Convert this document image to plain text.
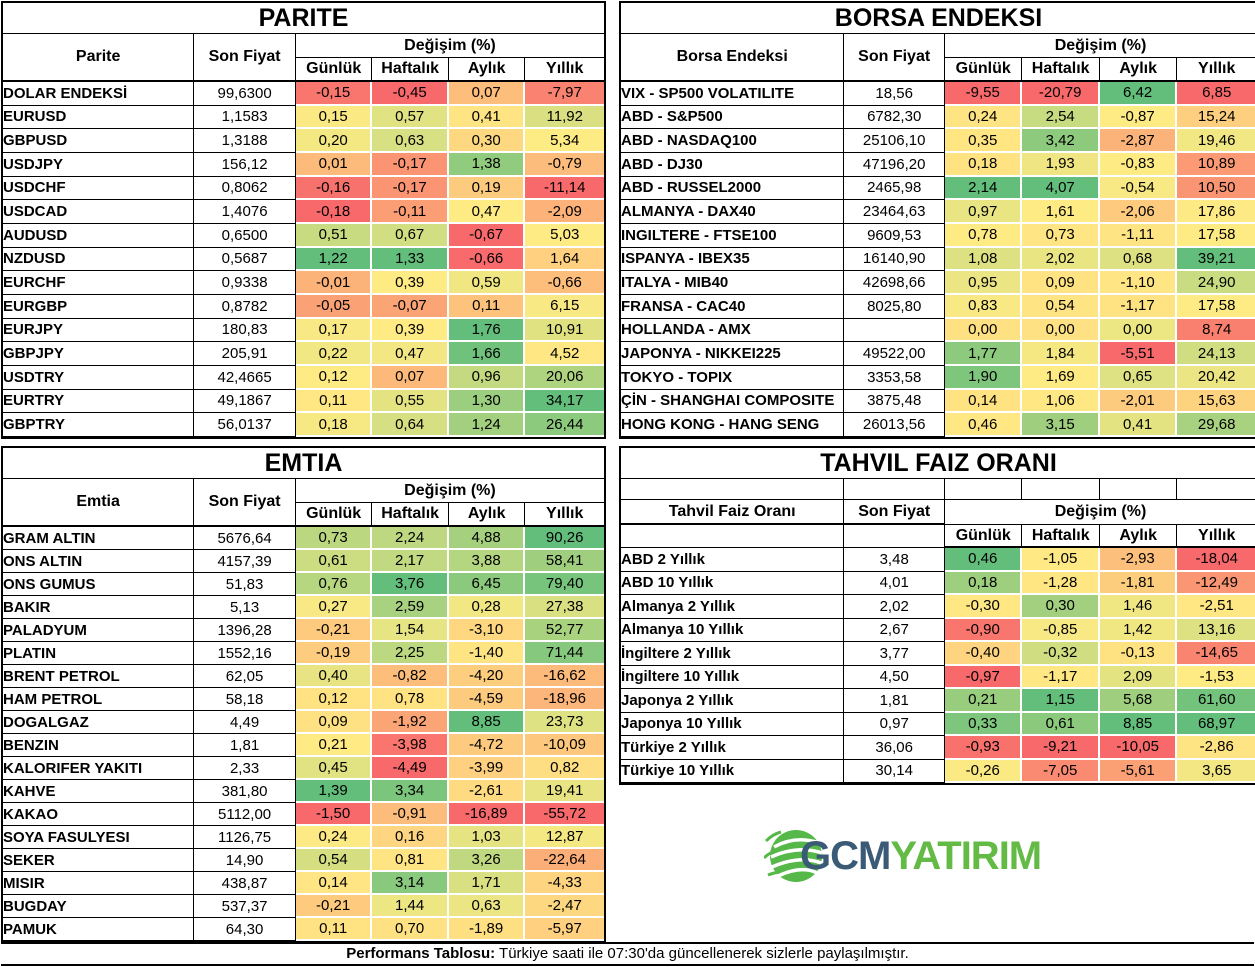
PARITE					
Parite	Son Fiyat	Değişim (%)			
		Günlük	Haftalık	Aylık	Yıllık
DOLAR ENDEKSİ	99,6300	-0,15	-0,45	0,07	-7,97
EURUSD	1,1583	0,15	0,57	0,41	11,92
GBPUSD	1,3188	0,20	0,63	0,30	5,34
USDJPY	156,12	0,01	-0,17	1,38	-0,79
USDCHF	0,8062	-0,16	-0,17	0,19	-11,14
USDCAD	1,4076	-0,18	-0,11	0,47	-2,09
AUDUSD	0,6500	0,51	0,67	-0,67	5,03
NZDUSD	0,5687	1,22	1,33	-0,66	1,64
EURCHF	0,9338	-0,01	0,39	0,59	-0,66
EURGBP	0,8782	-0,05	-0,07	0,11	6,15
EURJPY	180,83	0,17	0,39	1,76	10,91
GBPJPY	205,91	0,22	0,47	1,66	4,52
USDTRY	42,4665	0,12	0,07	0,96	20,06
EURTRY	49,1867	0,11	0,55	1,30	34,17
GBPTRY	56,0137	0,18	0,64	1,24	26,44
BORSA ENDEKSI					
Borsa Endeksi	Son Fiyat	Değişim (%)			
		Günlük	Haftalık	Aylık	Yıllık
VIX - SP500 VOLATILITE	18,56	-9,55	-20,79	6,42	6,85
ABD - S&P500	6782,30	0,24	2,54	-0,87	15,24
ABD - NASDAQ100	25106,10	0,35	3,42	-2,87	19,46
ABD - DJ30	47196,20	0,18	1,93	-0,83	10,89
ABD - RUSSEL2000	2465,98	2,14	4,07	-0,54	10,50
ALMANYA - DAX40	23464,63	0,97	1,61	-2,06	17,86
INGILTERE - FTSE100	9609,53	0,78	0,73	-1,11	17,58
ISPANYA - IBEX35	16140,90	1,08	2,02	0,68	39,21
ITALYA - MIB40	42698,66	0,95	0,09	-1,10	24,90
FRANSA - CAC40	8025,80	0,83	0,54	-1,17	17,58
HOLLANDA - AMX		0,00	0,00	0,00	8,74
JAPONYA - NIKKEI225	49522,00	1,77	1,84	-5,51	24,13
TOKYO - TOPIX	3353,58	1,90	1,69	0,65	20,42
ÇİN - SHANGHAI COMPOSITE	3875,48	0,14	1,06	-2,01	15,63
HONG KONG - HANG SENG	26013,56	0,46	3,15	0,41	29,68
EMTIA					
Emtia	Son Fiyat	Değişim (%)			
		Günlük	Haftalık	Aylık	Yıllık
GRAM ALTIN	5676,64	0,73	2,24	4,88	90,26
ONS ALTIN	4157,39	0,61	2,17	3,88	58,41
ONS GUMUS	51,83	0,76	3,76	6,45	79,40
BAKIR	5,13	0,27	2,59	0,28	27,38
PALADYUM	1396,28	-0,21	1,54	-3,10	52,77
PLATIN	1552,16	-0,19	2,25	-1,40	71,44
BRENT PETROL	62,05	0,40	-0,82	-4,20	-16,62
HAM PETROL	58,18	0,12	0,78	-4,59	-18,96
DOGALGAZ	4,49	0,09	-1,92	8,85	23,73
BENZIN	1,81	0,21	-3,98	-4,72	-10,09
KALORIFER YAKITI	2,33	0,45	-4,49	-3,99	0,82
KAHVE	381,80	1,39	3,34	-2,61	19,41
KAKAO	5112,00	-1,50	-0,91	-16,89	-55,72
SOYA FASULYESI	1126,75	0,24	0,16	1,03	12,87
SEKER	14,90	0,54	0,81	3,26	-22,64
MISIR	438,87	0,14	3,14	1,71	-4,33
BUGDAY	537,37	-0,21	1,44	0,63	-2,47
PAMUK	64,30	0,11	0,70	-1,89	-5,97
TAHVIL FAIZ ORANI					

Tahvil Faiz Oranı	Son Fiyat	Değişim (%)			
		Günlük	Haftalık	Aylık	Yıllık
ABD 2 Yıllık	3,48	0,46	-1,05	-2,93	-18,04
ABD 10 Yıllık	4,01	0,18	-1,28	-1,81	-12,49
Almanya 2 Yıllık	2,02	-0,30	0,30	1,46	-2,51
Almanya 10 Yıllık	2,67	-0,90	-0,85	1,42	13,16
İngiltere 2 Yıllık	3,77	-0,40	-0,32	-0,13	-14,65
İngiltere 10 Yıllık	4,50	-0,97	-1,17	2,09	-1,53
Japonya 2 Yıllık	1,81	0,21	1,15	5,68	61,60
Japonya 10 Yıllık	0,97	0,33	0,61	8,85	68,97
Türkiye 2 Yıllık	36,06	-0,93	-9,21	-10,05	-2,86
Türkiye 10 Yıllık	30,14	-0,26	-7,05	-5,61	3,65
GCMYATIRIM
Performans Tablosu: Türkiye saati ile 07:30'da güncellenerek sizlerle paylaşılmıştır.
